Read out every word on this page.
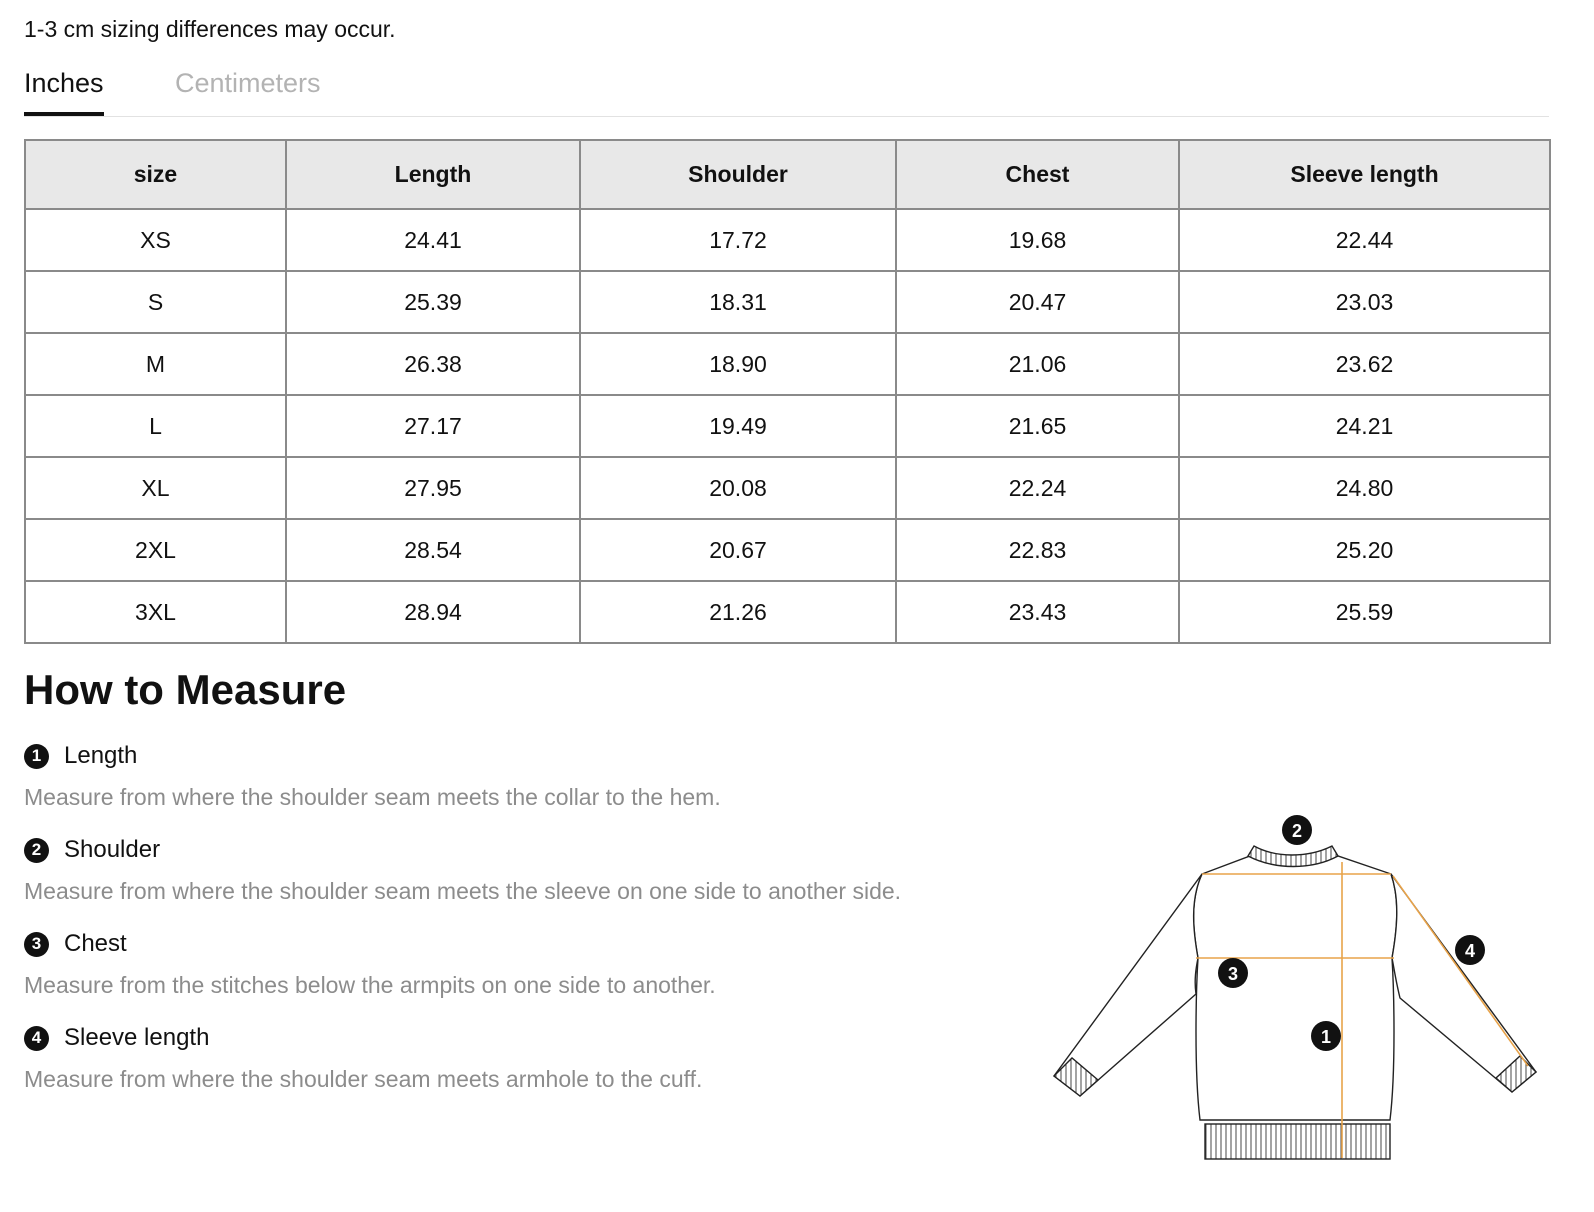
1-3 cm sizing differences may occur.
Inches	Centimeters
size	Length	Shoulder	Chest	Sleeve length
XS	24.41	17.72	19.68	22.44
S	25.39	18.31	20.47	23.03
M	26.38	18.90	21.06	23.62
L	27.17	19.49	21.65	24.21
XL	27.95	20.08	22.24	24.80
2XL	28.54	20.67	22.83	25.20
3XL	28.94	21.26	23.43	25.59
How to Measure
1 Length
Measure from where the shoulder seam meets the collar to the hem.
2 Shoulder
Measure from where the shoulder seam meets the sleeve on one side to another side.
3 Chest
Measure from the stitches below the armpits on one side to another.
4 Sleeve length
Measure from where the shoulder seam meets armhole to the cuff.
1
2
3
4
